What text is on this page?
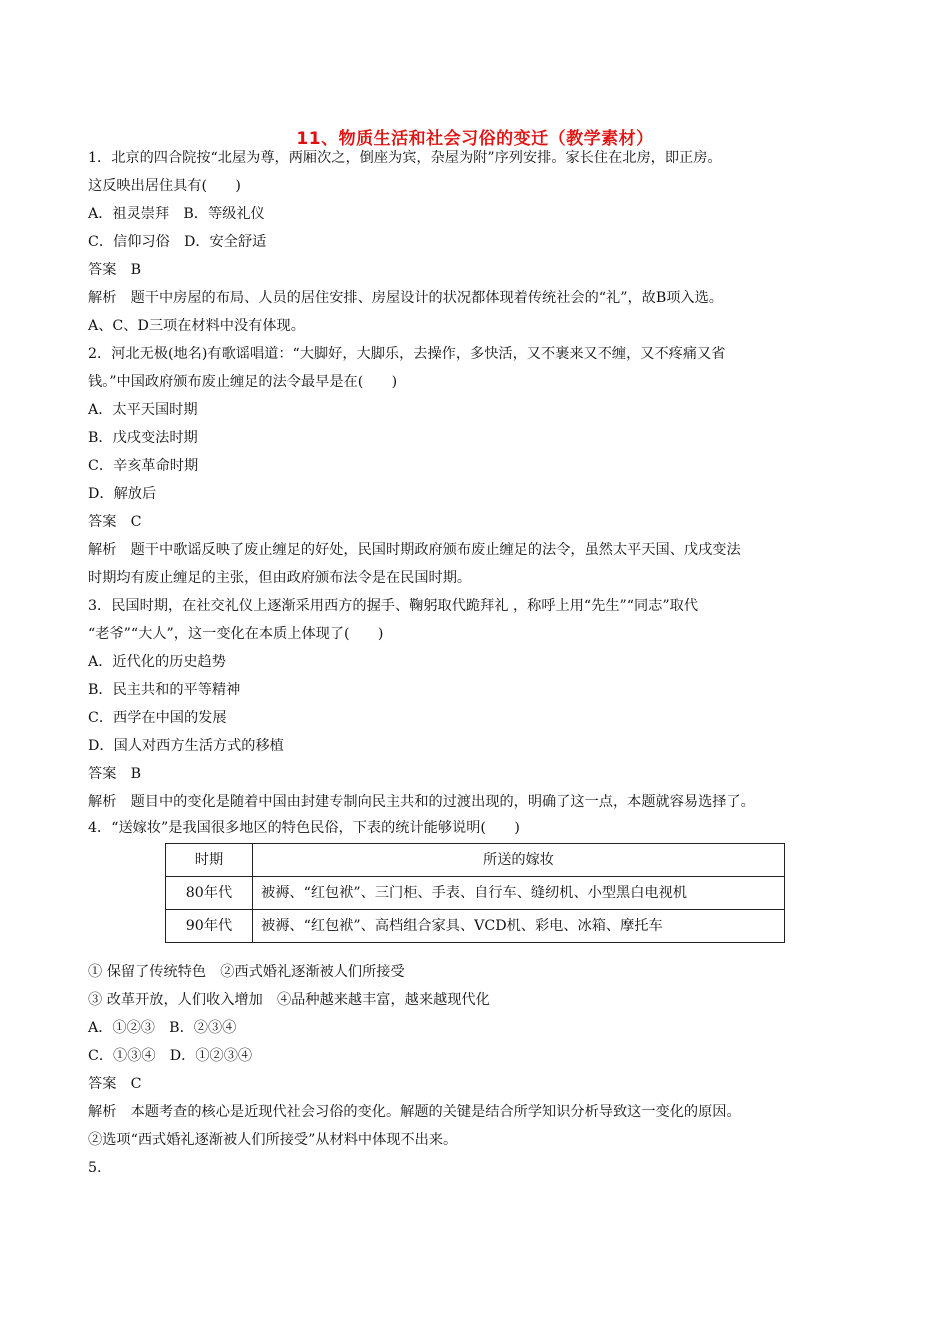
11、物质生活和社会习俗的变迁（教学素材）
1．北京的四合院按“北屋为尊，两厢次之，倒座为宾，杂屋为附”序列安排。家长住在北房，即正房。
这反映出居住具有(　　)
A．祖灵崇拜　B．等级礼仪
C．信仰习俗　D．安全舒适
答案　B
解析　题干中房屋的布局、人员的居住安排、房屋设计的状况都体现着传统社会的“礼”，故B项入选。
A、C、D三项在材料中没有体现。
2．河北无极(地名)有歌谣唱道：“大脚好，大脚乐，去操作，多快活，又不裹来又不缠，又不疼痛又省
钱。”中国政府颁布废止缠足的法令最早是在(　　)
A．太平天国时期
B．戊戌变法时期
C．辛亥革命时期
D．解放后
答案　C
解析　题干中歌谣反映了废止缠足的好处，民国时期政府颁布废止缠足的法令，虽然太平天国、戊戌变法
时期均有废止缠足的主张，但由政府颁布法令是在民国时期。
3．民国时期，在社交礼仪上逐渐采用西方的握手、鞠躬取代跪拜礼 ，称呼上用“先生”“同志”取代
“老爷”“大人”，这一变化在本质上体现了(　　)
A．近代化的历史趋势
B．民主共和的平等精神
C．西学在中国的发展
D．国人对西方生活方式的移植
答案　B
解析　题目中的变化是随着中国由封建专制向民主共和的过渡出现的，明确了这一点，本题就容易选择了。
4．“送嫁妆”是我国很多地区的特色民俗，下表的统计能够说明(　　)
时期	所送的嫁妆
80年代	被褥、“红包袱”、三门柜、手表、自行车、缝纫机、小型黑白电视机
90年代	被褥、“红包袱”、高档组合家具、VCD机、彩电、冰箱、摩托车
① 保留了传统特色　②西式婚礼逐渐被人们所接受
③ 改革开放，人们收入增加　④品种越来越丰富，越来越现代化
A．①②③　B．②③④
C．①③④　D．①②③④
答案　C
解析　本题考查的核心是近现代社会习俗的变化。解题的关键是结合所学知识分析导致这一变化的原因。
②选项“西式婚礼逐渐被人们所接受”从材料中体现不出来。
5.
